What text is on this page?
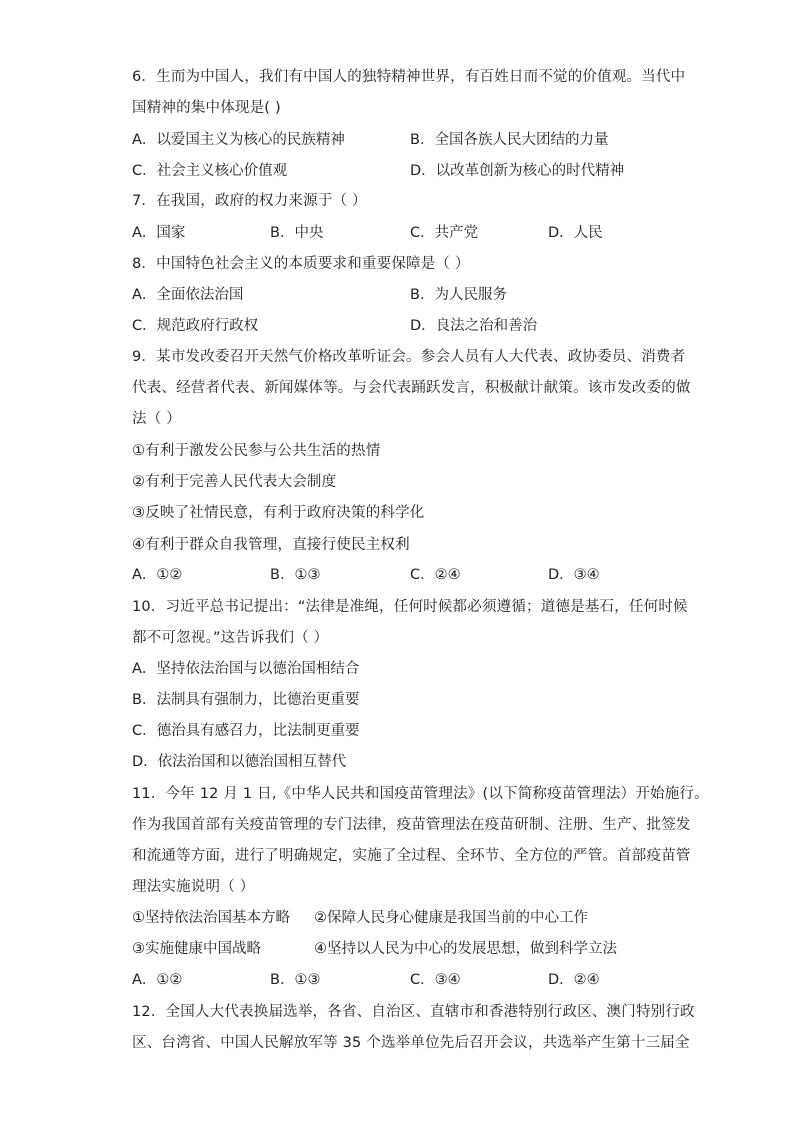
6．生而为中国人，我们有中国人的独特精神世界，有百姓日而不觉的价值观。当代中
国精神的集中体现是( )
A．以爱国主义为核心的民族精神	B．全国各族人民大团结的力量
C．社会主义核心价值观	D．以改革创新为核心的时代精神
7．在我国，政府的权力来源于（ ）
A．国家	B．中央	C．共产党	D．人民
8．中国特色社会主义的本质要求和重要保障是（ ）
A．全面依法治国	B．为人民服务
C．规范政府行政权	D．良法之治和善治
9．某市发改委召开天然气价格改革听证会。参会人员有人大代表、政协委员、消费者
代表、经营者代表、新闻媒体等。与会代表踊跃发言，积极献计献策。该市发改委的做
法（ ）
①有利于激发公民参与公共生活的热情
②有利于完善人民代表大会制度
③反映了社情民意，有利于政府决策的科学化
④有利于群众自我管理，直接行使民主权利
A．①②	B．①③	C．②④	D．③④
10．习近平总书记提出：“法律是准绳，任何时候都必须遵循；道德是基石，任何时候
都不可忽视。”这告诉我们（ ）
A．坚持依法治国与以德治国相结合
B．法制具有强制力，比德治更重要
C．德治具有感召力，比法制更重要
D．依法治国和以德治国相互替代
11．今年 12 月 1 日,《中华人民共和国疫苗管理法》(以下简称疫苗管理法）开始施行。
作为我国首部有关疫苗管理的专门法律，疫苗管理法在疫苗研制、注册、生产、批签发
和流通等方面，进行了明确规定，实施了全过程、全环节、全方位的严管。首部疫苗管
理法实施说明（ ）
①坚持依法治国基本方略 ②保障人民身心健康是我国当前的中心工作
③实施健康中国战略	④坚持以人民为中心的发展思想，做到科学立法
A．①②	B．①③	C．③④	D．②④
12．全国人大代表换届选举，各省、自治区、直辖市和香港特别行政区、澳门特别行政
区、台湾省、中国人民解放军等 35 个选举单位先后召开会议，共选举产生第十三届全
